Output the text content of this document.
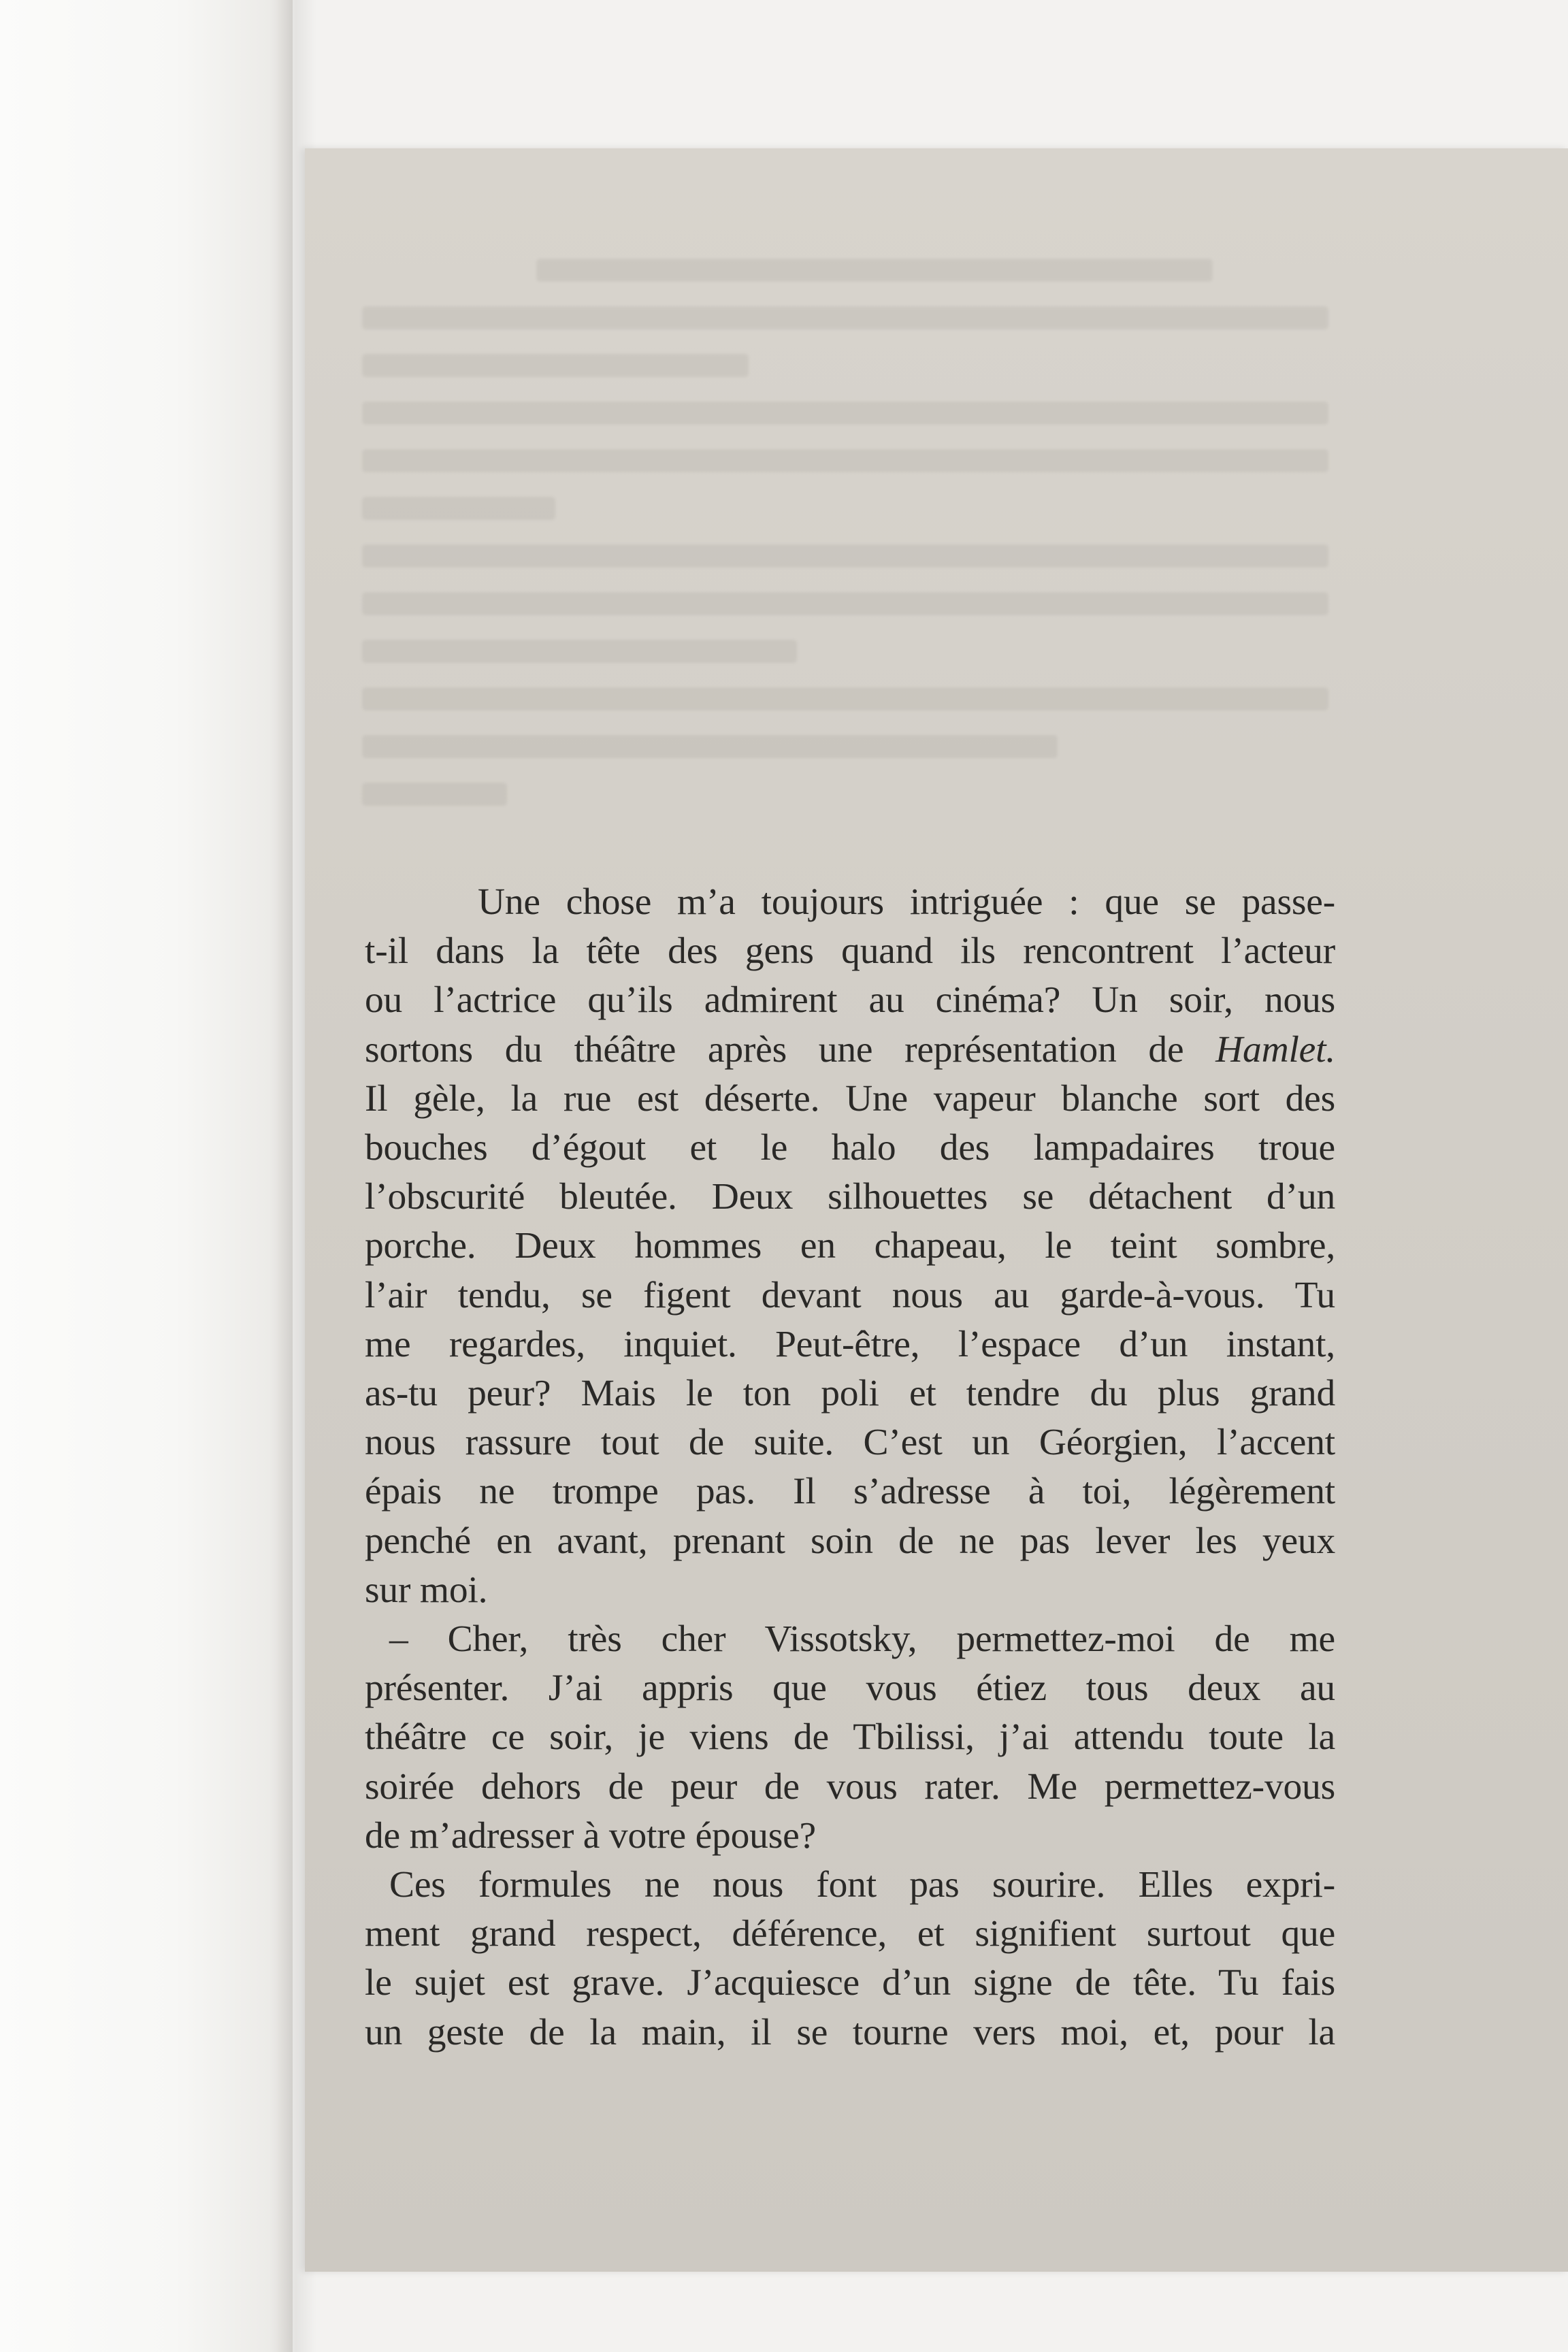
Une chose m’a toujours intriguée : que se passe-
t-il dans la tête des gens quand ils rencontrent l’acteur
ou l’actrice qu’ils admirent au cinéma? Un soir, nous
sortons du théâtre après une représentation de Hamlet.
Il gèle, la rue est déserte. Une vapeur blanche sort des
bouches d’égout et le halo des lampadaires troue
l’obscurité bleutée. Deux silhouettes se détachent d’un
porche. Deux hommes en chapeau, le teint sombre,
l’air tendu, se figent devant nous au garde-à-vous. Tu
me regardes, inquiet. Peut-être, l’espace d’un instant,
as-tu peur? Mais le ton poli et tendre du plus grand
nous rassure tout de suite. C’est un Géorgien, l’accent
épais ne trompe pas. Il s’adresse à toi, légèrement
penché en avant, prenant soin de ne pas lever les yeux
sur moi.
– Cher, très cher Vissotsky, permettez-moi de me
présenter. J’ai appris que vous étiez tous deux au
théâtre ce soir, je viens de Tbilissi, j’ai attendu toute la
soirée dehors de peur de vous rater. Me permettez-vous
de m’adresser à votre épouse?
Ces formules ne nous font pas sourire. Elles expri-
ment grand respect, déférence, et signifient surtout que
le sujet est grave. J’acquiesce d’un signe de tête. Tu fais
un geste de la main, il se tourne vers moi, et, pour la
